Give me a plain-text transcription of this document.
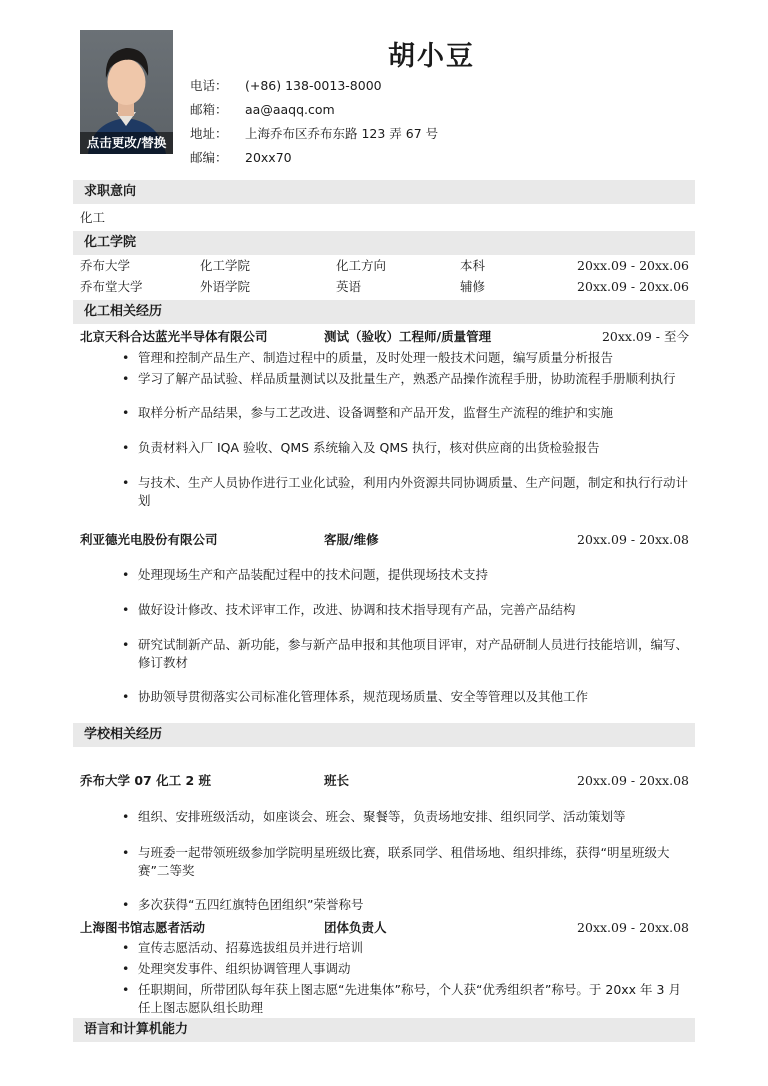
点击更改/替换
胡小豆
电话：	(+86) 138-0013-8000
邮箱：	aa@aaqq.com
地址：	上海乔布区乔布东路 123 弄 67 号
邮编：	20xx70
求职意向
化工
化工学院
乔布大学	化工学院	化工方向	本科	20xx.09 - 20xx.06
乔布堂大学	外语学院	英语	辅修	20xx.09 - 20xx.06
化工相关经历
北京天科合达蓝光半导体有限公司	测试（验收）工程师/质量管理	20xx.09 - 至今
• 管理和控制产品生产、制造过程中的质量，及时处理一般技术问题，编写质量分析报告
• 学习了解产品试验、样品质量测试以及批量生产，熟悉产品操作流程手册，协助流程手册顺利执行
• 取样分析产品结果，参与工艺改进、设备调整和产品开发，监督生产流程的维护和实施
• 负责材料入厂 IQA 验收、QMS 系统输入及 QMS 执行，核对供应商的出货检验报告
• 与技术、生产人员协作进行工业化试验，利用内外资源共同协调质量、生产问题，制定和执行行动计划
利亚德光电股份有限公司	客服/维修	20xx.09 - 20xx.08
• 处理现场生产和产品装配过程中的技术问题，提供现场技术支持
• 做好设计修改、技术评审工作，改进、协调和技术指导现有产品，完善产品结构
• 研究试制新产品、新功能，参与新产品申报和其他项目评审，对产品研制人员进行技能培训，编写、修订教材
• 协助领导贯彻落实公司标准化管理体系，规范现场质量、安全等管理以及其他工作
学校相关经历
乔布大学 07 化工 2 班	班长	20xx.09 - 20xx.08
• 组织、安排班级活动，如座谈会、班会、聚餐等，负责场地安排、组织同学、活动策划等
• 与班委一起带领班级参加学院明星班级比赛，联系同学、租借场地、组织排练，获得“明星班级大赛”二等奖
• 多次获得“五四红旗特色团组织”荣誉称号
上海图书馆志愿者活动	团体负责人	20xx.09 - 20xx.08
• 宣传志愿活动、招募选拔组员并进行培训
• 处理突发事件、组织协调管理人事调动
• 任职期间，所带团队每年获上图志愿“先进集体”称号，个人获“优秀组织者”称号。于 20xx 年 3 月任上图志愿队组长助理
语言和计算机能力
